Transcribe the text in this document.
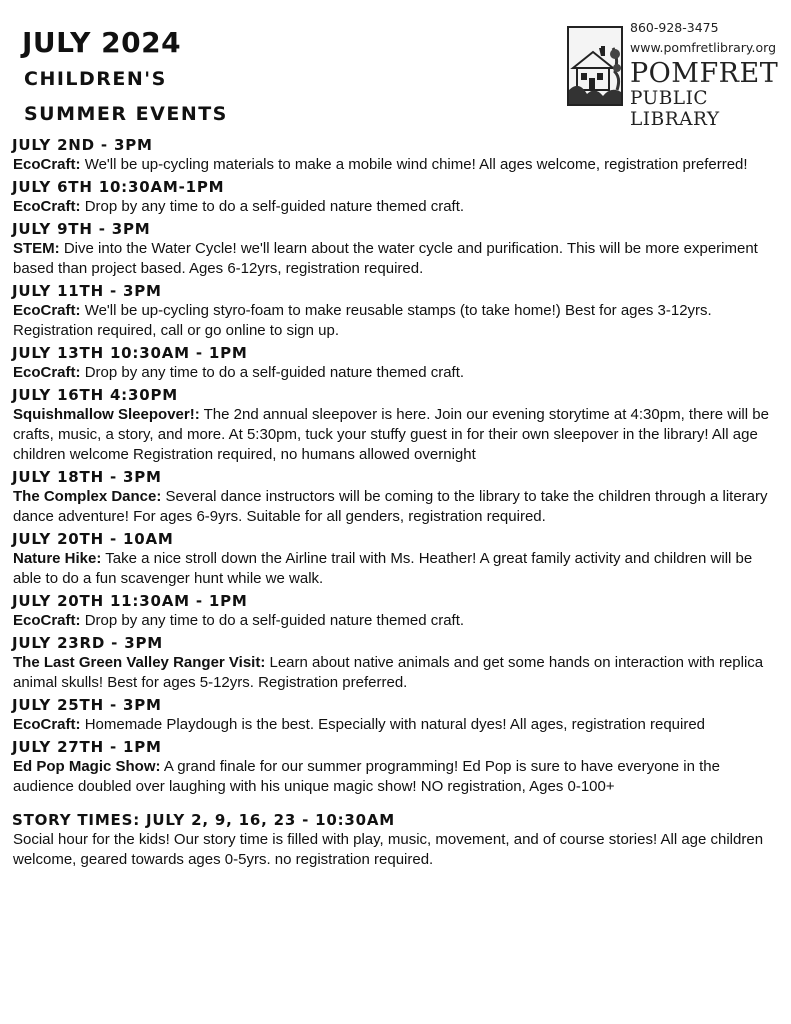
JULY 2024
CHILDREN'S
SUMMER EVENTS
860-928-3475
www.pomfretlibrary.org
POMFRET
PUBLIC LIBRARY
JULY 2ND - 3PM
EcoCraft: We'll be up-cycling materials to make a mobile wind chime! All ages welcome, registration preferred!
JULY 6TH 10:30AM-1PM
EcoCraft: Drop by any time to do a self-guided nature themed craft.
JULY 9TH - 3PM
STEM: Dive into the Water Cycle! we'll learn about the water cycle and purification. This will be more experiment based than project based. Ages 6-12yrs, registration required.
JULY 11TH - 3PM
EcoCraft: We'll be up-cycling styro-foam to make reusable stamps (to take home!) Best for ages 3-12yrs. Registration required, call or go online to sign up.
JULY 13TH 10:30AM - 1PM
EcoCraft: Drop by any time to do a self-guided nature themed craft.
JULY 16TH 4:30PM
Squishmallow Sleepover!: The 2nd annual sleepover is here. Join our evening storytime at 4:30pm, there will be crafts, music, a story, and more. At 5:30pm, tuck your stuffy guest in for their own sleepover in the library! All age children welcome Registration required, no humans allowed overnight
JULY 18TH - 3PM
The Complex Dance: Several dance instructors will be coming to the library to take the children through a literary dance adventure! For ages 6-9yrs. Suitable for all genders, registration required.
JULY 20TH - 10AM
Nature Hike: Take a nice stroll down the Airline trail with Ms. Heather! A great family activity and children will be able to do a fun scavenger hunt while we walk.
JULY 20TH 11:30AM - 1PM
EcoCraft: Drop by any time to do a self-guided nature themed craft.
JULY 23RD - 3PM
The Last Green Valley Ranger Visit: Learn about native animals and get some hands on interaction with replica animal skulls! Best for ages 5-12yrs. Registration preferred.
JULY 25TH - 3PM
EcoCraft: Homemade Playdough is the best. Especially with natural dyes! All ages, registration required
JULY 27TH - 1PM
Ed Pop Magic Show: A grand finale for our summer programming! Ed Pop is sure to have everyone in the audience doubled over laughing with his unique magic show! NO registration, Ages 0-100+
STORY TIMES: JULY 2, 9, 16, 23 - 10:30AM
Social hour for the kids! Our story time is filled with play, music, movement, and of course stories! All age children welcome, geared towards ages 0-5yrs. no registration required.
